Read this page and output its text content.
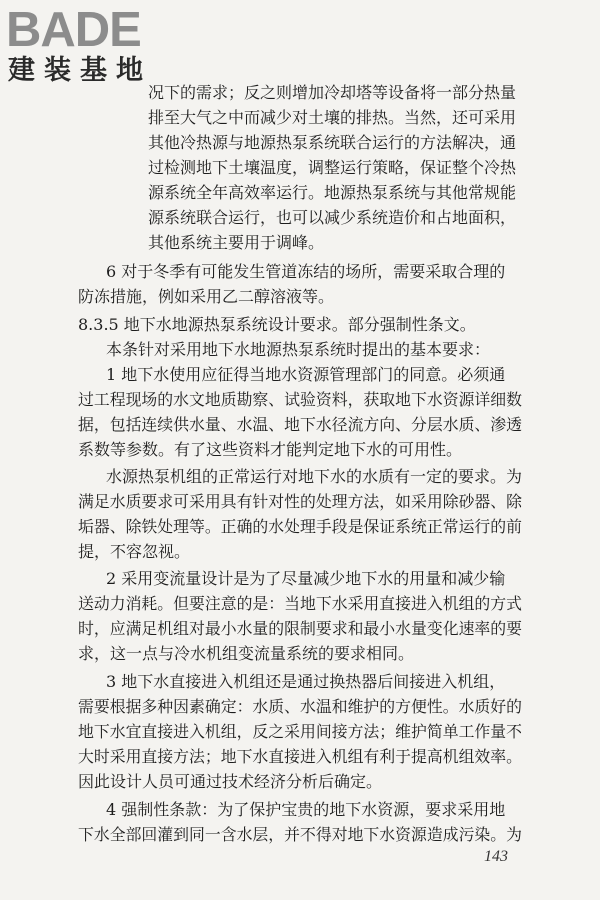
BADE
建装基地

况下的需求；反之则增加冷却塔等设备将一部分热量

排至大气之中而减少对土壤的排热。当然，还可采用

其他冷热源与地源热泵系统联合运行的方法解决，通

过检测地下土壤温度，调整运行策略，保证整个冷热

源系统全年高效率运行。地源热泵系统与其他常规能

源系统联合运行，也可以减少系统造价和占地面积，

其他系统主要用于调峰。

6 对于冬季有可能发生管道冻结的场所，需要采取合理的

防冻措施，例如采用乙二醇溶液等。

8.3.5 地下水地源热泵系统设计要求。部分强制性条文。

本条针对采用地下水地源热泵系统时提出的基本要求：

1 地下水使用应征得当地水资源管理部门的同意。必须通

过工程现场的水文地质勘察、试验资料，获取地下水资源详细数

据，包括连续供水量、水温、地下水径流方向、分层水质、渗透

系数等参数。有了这些资料才能判定地下水的可用性。

水源热泵机组的正常运行对地下水的水质有一定的要求。为

满足水质要求可采用具有针对性的处理方法，如采用除砂器、除

垢器、除铁处理等。正确的水处理手段是保证系统正常运行的前

提，不容忽视。

2 采用变流量设计是为了尽量减少地下水的用量和减少输

送动力消耗。但要注意的是：当地下水采用直接进入机组的方式

时，应满足机组对最小水量的限制要求和最小水量变化速率的要

求，这一点与冷水机组变流量系统的要求相同。

3 地下水直接进入机组还是通过换热器后间接进入机组，

需要根据多种因素确定：水质、水温和维护的方便性。水质好的

地下水宜直接进入机组，反之采用间接方法；维护简单工作量不

大时采用直接方法；地下水直接进入机组有利于提高机组效率。

因此设计人员可通过技术经济分析后确定。

4 强制性条款：为了保护宝贵的地下水资源，要求采用地

下水全部回灌到同一含水层，并不得对地下水资源造成污染。为

143
